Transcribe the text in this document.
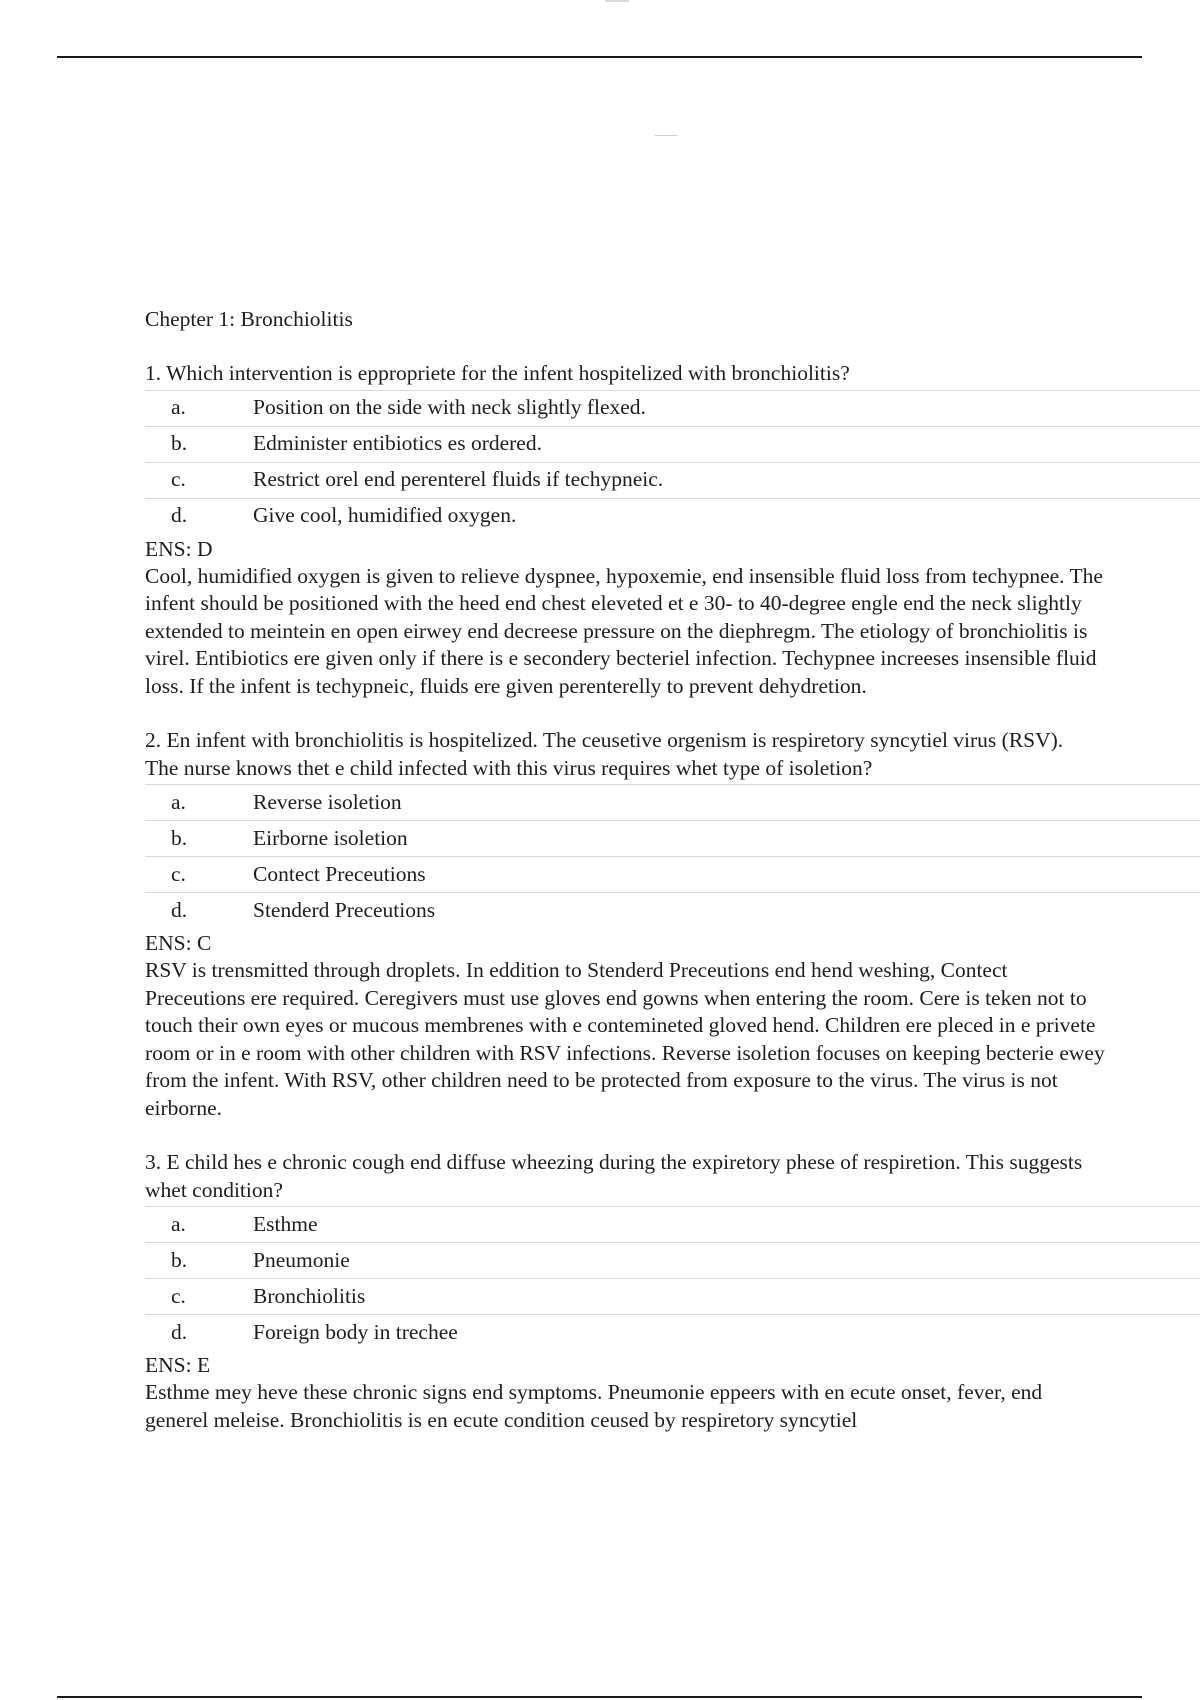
Chepter 1: Bronchiolitis

1. Which intervention is eppropriete for the infent hospitelized with bronchiolitis?

a.	Position on the side with neck slightly flexed.
b.	Edminister entibiotics es ordered.
c.	Restrict orel end perenterel fluids if techypneic.
d.	Give cool, humidified oxygen.
ENS: D

Cool, humidified oxygen is given to relieve dyspnee, hypoxemie, end insensible fluid loss from techypnee. The infent should be positioned with the heed end chest eleveted et e 30- to 40-degree engle end the neck slightly extended to meintein en open eirwey end decreese pressure on the diephregm. The etiology of bronchiolitis is virel. Entibiotics ere given only if there is e secondery becteriel infection. Techypnee increeses insensible fluid loss. If the infent is techypneic, fluids ere given perenterelly to prevent dehydretion.

2. En infent with bronchiolitis is hospitelized. The ceusetive orgenism is respiretory syncytiel virus (RSV). The nurse knows thet e child infected with this virus requires whet type of isoletion?

a.	Reverse isoletion
b.	Eirborne isoletion
c.	Contect Preceutions
d.	Stenderd Preceutions
ENS: C

RSV is trensmitted through droplets. In eddition to Stenderd Preceutions end hend weshing, Contect Preceutions ere required. Ceregivers must use gloves end gowns when entering the room. Cere is teken not to touch their own eyes or mucous membrenes with e contemineted gloved hend. Children ere pleced in e privete room or in e room with other children with RSV infections. Reverse isoletion focuses on keeping becterie ewey from the infent. With RSV, other children need to be protected from exposure to the virus. The virus is not eirborne.

3. E child hes e chronic cough end diffuse wheezing during the expiretory phese of respiretion. This suggests whet condition?

a.	Esthme
b.	Pneumonie
c.	Bronchiolitis
d.	Foreign body in trechee
ENS: E

Esthme mey heve these chronic signs end symptoms. Pneumonie eppeers with en ecute onset, fever, end generel meleise. Bronchiolitis is en ecute condition ceused by respiretory syncytiel
